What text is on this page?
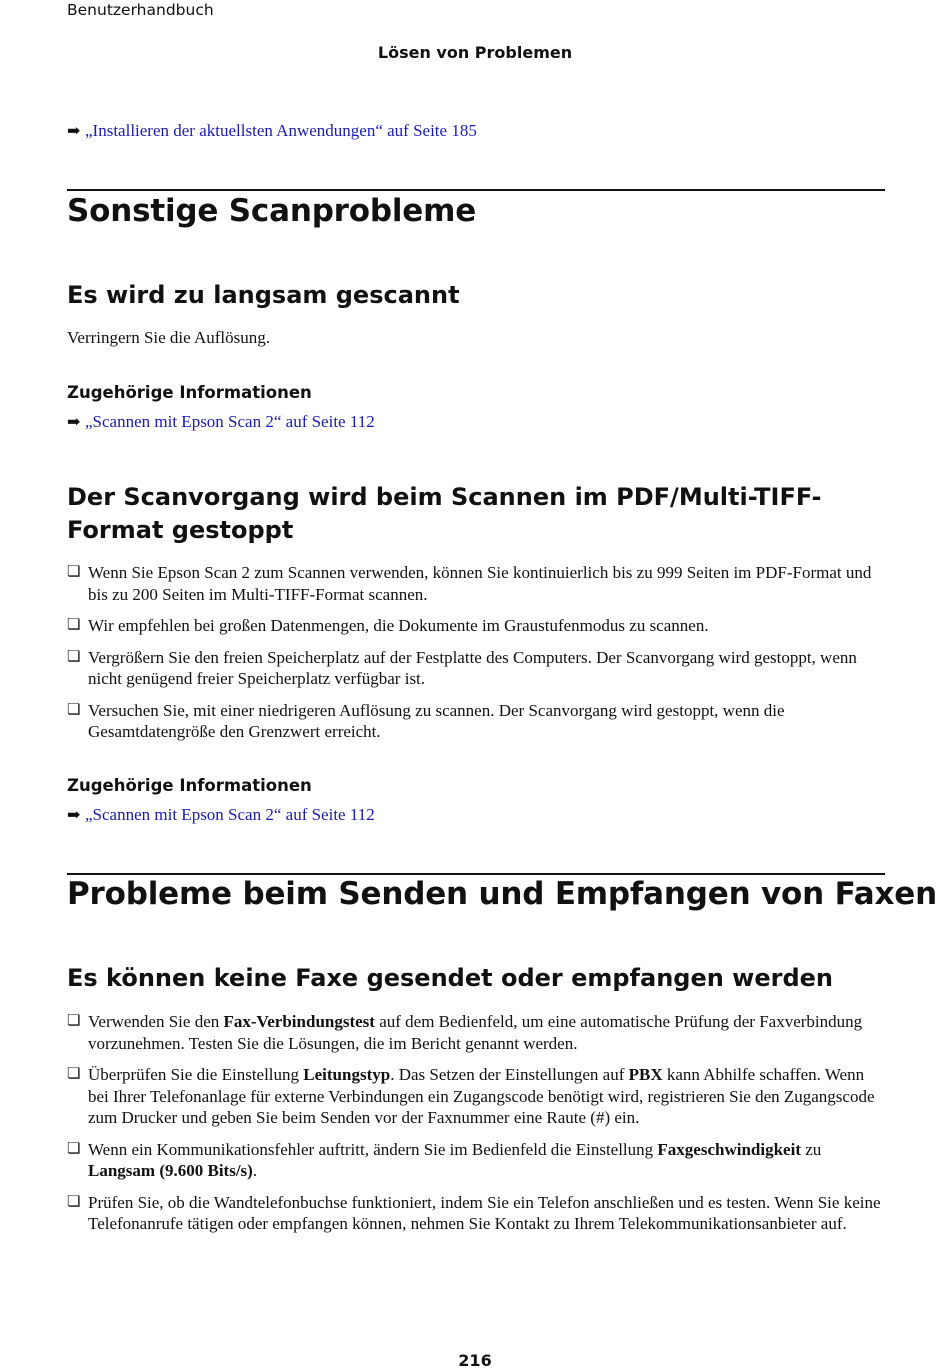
Benutzerhandbuch
Lösen von Problemen
➡ „Installieren der aktuellsten Anwendungen“ auf Seite 185
Sonstige Scanprobleme
Es wird zu langsam gescannt
Verringern Sie die Auflösung.
Zugehörige Informationen
➡ „Scannen mit Epson Scan 2“ auf Seite 112
Der Scanvorgang wird beim Scannen im PDF/Multi-TIFF-Format gestoppt
❏ Wenn Sie Epson Scan 2 zum Scannen verwenden, können Sie kontinuierlich bis zu 999 Seiten im PDF-Format und bis zu 200 Seiten im Multi-TIFF-Format scannen.
❏ Wir empfehlen bei großen Datenmengen, die Dokumente im Graustufenmodus zu scannen.
❏ Vergrößern Sie den freien Speicherplatz auf der Festplatte des Computers. Der Scanvorgang wird gestoppt, wenn nicht genügend freier Speicherplatz verfügbar ist.
❏ Versuchen Sie, mit einer niedrigeren Auflösung zu scannen. Der Scanvorgang wird gestoppt, wenn die Gesamtdatengröße den Grenzwert erreicht.
Zugehörige Informationen
➡ „Scannen mit Epson Scan 2“ auf Seite 112
Probleme beim Senden und Empfangen von Faxen
Es können keine Faxe gesendet oder empfangen werden
❏ Verwenden Sie den Fax-Verbindungstest auf dem Bedienfeld, um eine automatische Prüfung der Faxverbindung vorzunehmen. Testen Sie die Lösungen, die im Bericht genannt werden.
❏ Überprüfen Sie die Einstellung Leitungstyp. Das Setzen der Einstellungen auf PBX kann Abhilfe schaffen. Wenn bei Ihrer Telefonanlage für externe Verbindungen ein Zugangscode benötigt wird, registrieren Sie den Zugangscode zum Drucker und geben Sie beim Senden vor der Faxnummer eine Raute (#) ein.
❏ Wenn ein Kommunikationsfehler auftritt, ändern Sie im Bedienfeld die Einstellung Faxgeschwindigkeit zu Langsam (9.600 Bits/s).
❏ Prüfen Sie, ob die Wandtelefonbuchse funktioniert, indem Sie ein Telefon anschließen und es testen. Wenn Sie keine Telefonanrufe tätigen oder empfangen können, nehmen Sie Kontakt zu Ihrem Telekommunikationsanbieter auf.
216
